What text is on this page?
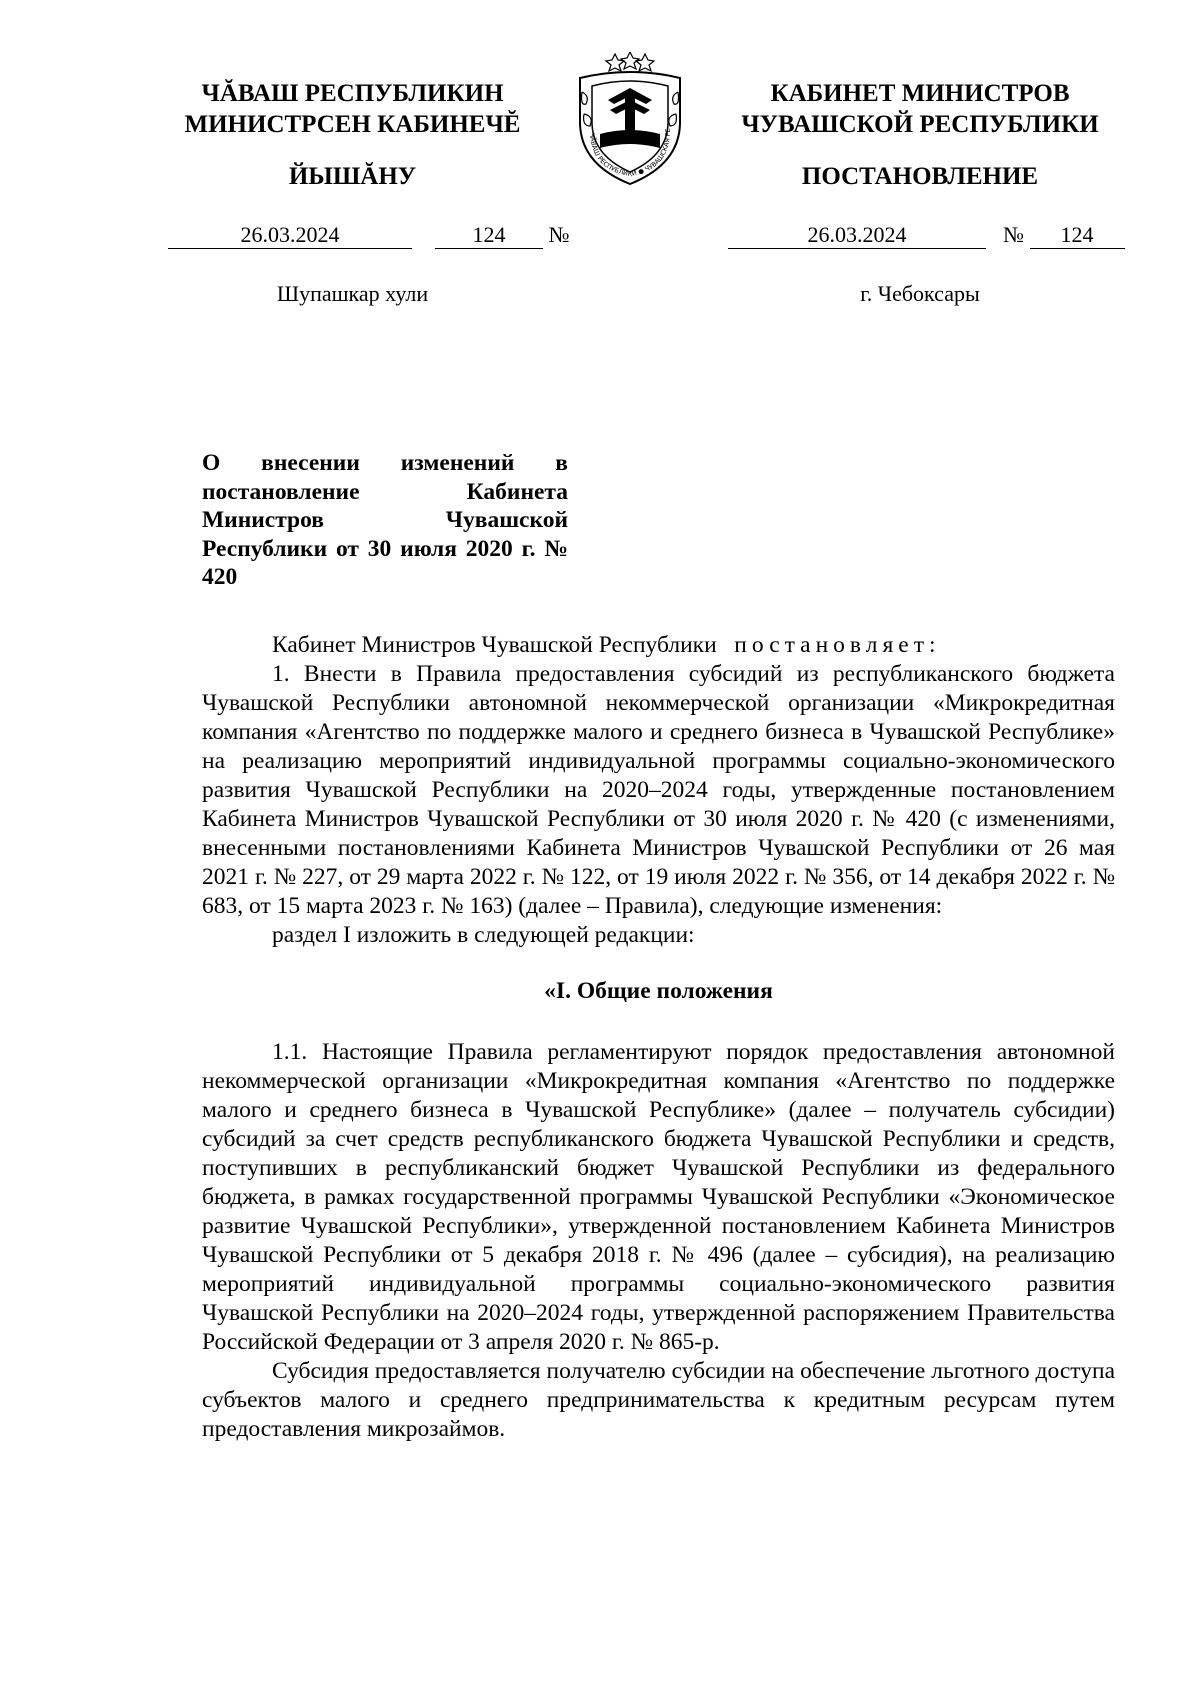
ЧĂВАШ РЕСПУБЛИКИН
МИНИСТРСЕН КАБИНЕЧĔ
ЙЫШĂНУ
ЧĂВАШ РЕСПУБЛИКИ ● ЧУВАШСКАЯ РЕ
КАБИНЕТ МИНИСТРОВ
ЧУВАШСКОЙ РЕСПУБЛИКИ
ПОСТАНОВЛЕНИЕ
26.03.2024	124 №	26.03.2024	№ 124
Шупашкар хули	г. Чебоксары
О внесении изменений в постановление Кабинета Министров Чувашской Республики от 30 июля 2020 г. № 420

Кабинет Министров Чувашской Республики постановляет:

1. Внести в Правила предоставления субсидий из республиканского бюджета Чувашской Республики автономной некоммерческой организации «Микрокредитная компания «Агентство по поддержке малого и среднего бизнеса в Чувашской Республике» на реализацию мероприятий индивидуальной программы социально-экономического развития Чувашской Республики на 2020–2024 годы, утвержденные постановлением Кабинета Министров Чувашской Республики от 30 июля 2020 г. № 420 (с изменениями, внесенными постановлениями Кабинета Министров Чувашской Республики от 26 мая 2021 г. № 227, от 29 марта 2022 г. № 122, от 19 июля 2022 г. № 356, от 14 декабря 2022 г. № 683, от 15 марта 2023 г. № 163) (далее – Правила), следующие изменения:

раздел I изложить в следующей редакции:

«I. Общие положения

1.1. Настоящие Правила регламентируют порядок предоставления автономной некоммерческой организации «Микрокредитная компания «Агентство по поддержке малого и среднего бизнеса в Чувашской Республике» (далее – получатель субсидии) субсидий за счет средств республиканского бюджета Чувашской Республики и средств, поступивших в республиканский бюджет Чувашской Республики из федерального бюджета, в рамках государственной программы Чувашской Республики «Экономическое развитие Чувашской Республики», утвержденной постановлением Кабинета Министров Чувашской Республики от 5 декабря 2018 г. № 496 (далее – субсидия), на реализацию мероприятий индивидуальной программы социально-экономического развития Чувашской Республики на 2020–2024 годы, утвержденной распоряжением Правительства Российской Федерации от 3 апреля 2020 г. № 865-р.

Субсидия предоставляется получателю субсидии на обеспечение льготного доступа субъектов малого и среднего предпринимательства к кредитным ресурсам путем предоставления микрозаймов.
